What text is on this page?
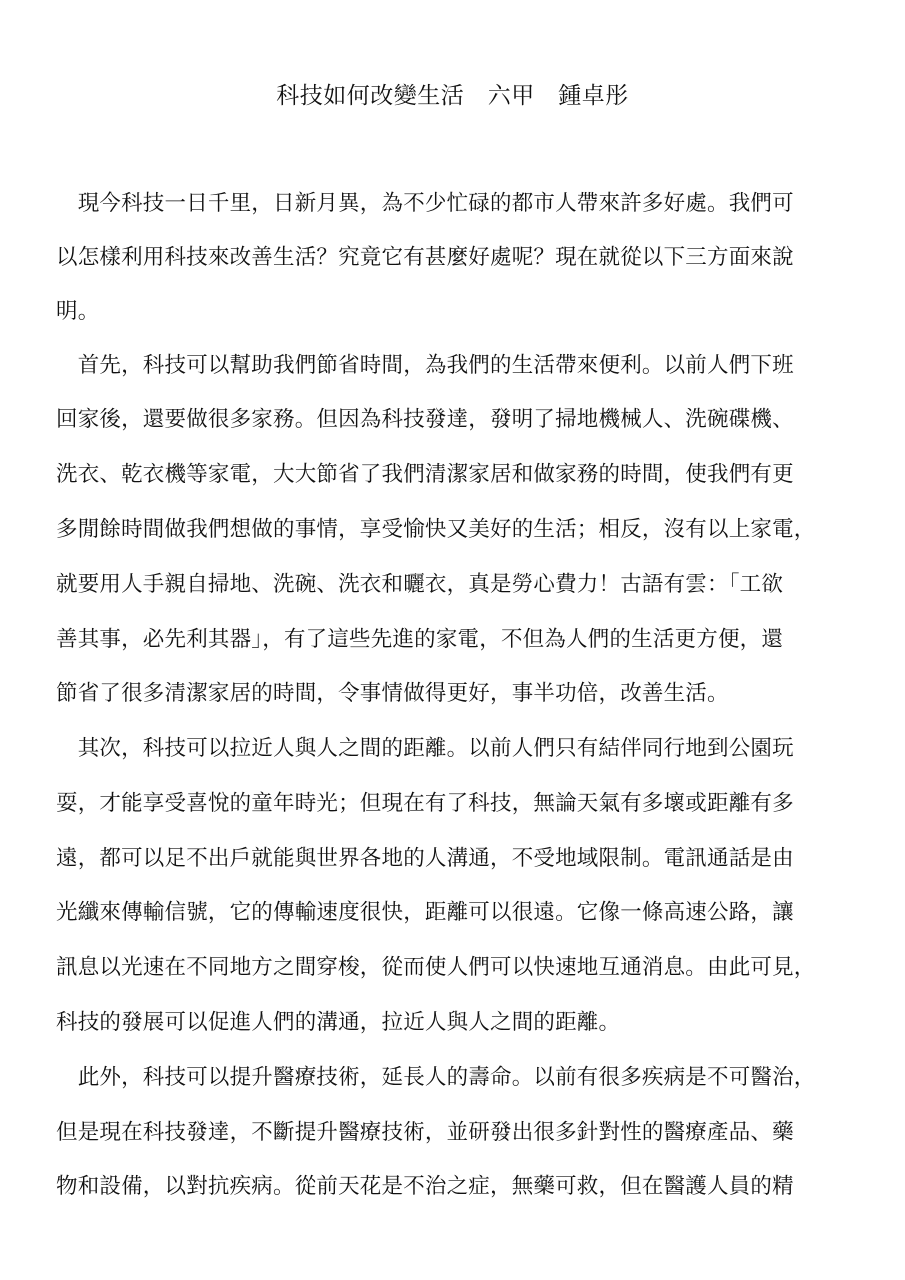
科技如何改變生活　六甲　鍾卓彤
　現今科技一日千里，日新月異，為不少忙碌的都市人帶來許多好處。我們可
以怎樣利用科技來改善生活？究竟它有甚麼好處呢？現在就從以下三方面來說
明。
　首先，科技可以幫助我們節省時間，為我們的生活帶來便利。以前人們下班
回家後，還要做很多家務。但因為科技發達，發明了掃地機械人、洗碗碟機、
洗衣、乾衣機等家電，大大節省了我們清潔家居和做家務的時間，使我們有更
多閒餘時間做我們想做的事情，享受愉快又美好的生活；相反，沒有以上家電，
就要用人手親自掃地、洗碗、洗衣和曬衣，真是勞心費力！古語有雲：「工欲
善其事，必先利其器」，有了這些先進的家電，不但為人們的生活更方便，還
節省了很多清潔家居的時間，令事情做得更好，事半功倍，改善生活。
　其次，科技可以拉近人與人之間的距離。以前人們只有結伴同行地到公園玩
耍，才能享受喜悅的童年時光；但現在有了科技，無論天氣有多壞或距離有多
遠，都可以足不出戶就能與世界各地的人溝通，不受地域限制。電訊通話是由
光纖來傳輸信號，它的傳輸速度很快，距離可以很遠。它像一條高速公路，讓
訊息以光速在不同地方之間穿梭，從而使人們可以快速地互通消息。由此可見，
科技的發展可以促進人們的溝通，拉近人與人之間的距離。
　此外，科技可以提升醫療技術，延長人的壽命。以前有很多疾病是不可醫治，
但是現在科技發達，不斷提升醫療技術，並研發出很多針對性的醫療產品、藥
物和設備，以對抗疾病。從前天花是不治之症，無藥可救，但在醫護人員的精
